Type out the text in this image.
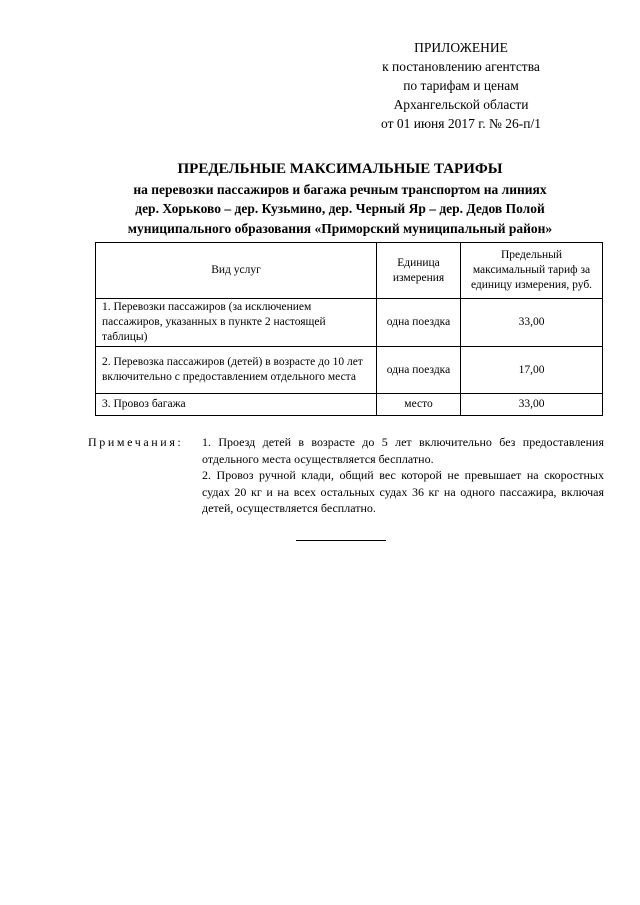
ПРИЛОЖЕНИЕ
к постановлению агентства
по тарифам и ценам
Архангельской области
от 01 июня 2017 г. № 26-п/1
ПРЕДЕЛЬНЫЕ МАКСИМАЛЬНЫЕ ТАРИФЫ
на перевозки пассажиров и багажа речным транспортом на линиях
дер. Хорьково – дер. Кузьмино, дер. Черный Яр – дер. Дедов Полой
муниципального образования «Приморский муниципальный район»
Вид услуг	Единица измерения	Предельный максимальный тариф за единицу измерения, руб.
1. Перевозки пассажиров (за исключением пассажиров, указанных в пункте 2 настоящей таблицы)	одна поездка	33,00
2. Перевозка пассажиров (детей) в возрасте до 10 лет включительно с предоставлением отдельного места	одна поездка	17,00
3. Провоз багажа	место	33,00
Примечания: 1. Проезд детей в возрасте до 5 лет включительно без предоставления отдельного места осуществляется бесплатно.
2. Провоз ручной клади, общий вес которой не превышает на скоростных судах 20 кг и на всех остальных судах 36 кг на одного пассажира, включая детей, осуществляется бесплатно.
